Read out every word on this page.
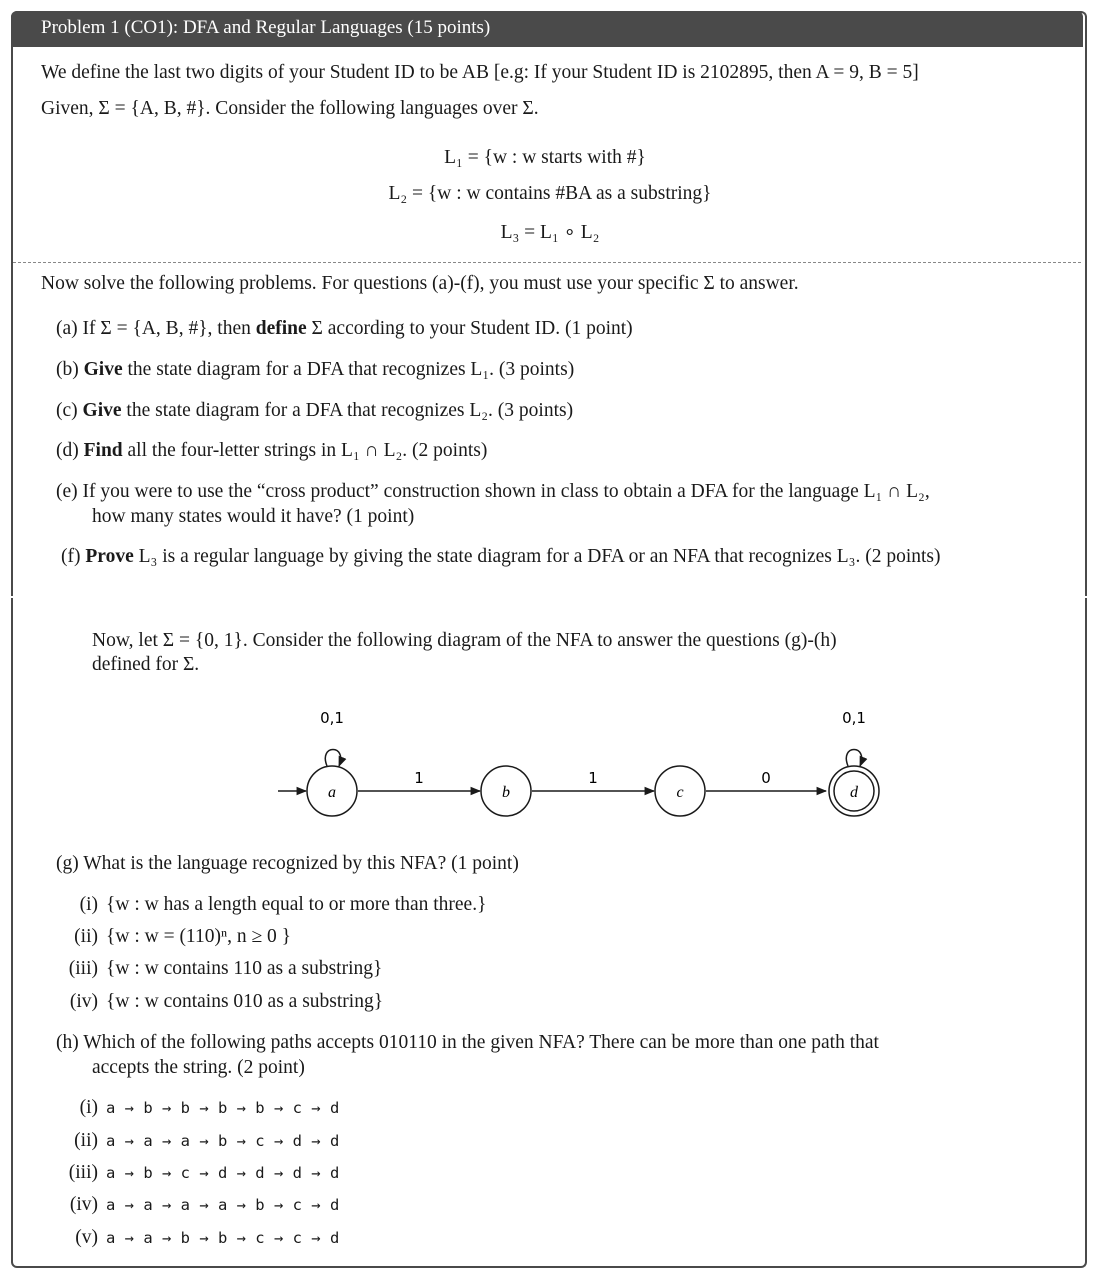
Problem 1 (CO1): DFA and Regular Languages (15 points)
We define the last two digits of your Student ID to be AB [e.g: If your Student ID is 2102895, then A = 9, B = 5]
Given, Σ = {A, B, #}. Consider the following languages over Σ.
L₁ = {w : w starts with #}
L₂ = {w : w contains #BA as a substring}
L₃ = L₁ ∘ L₂
Now solve the following problems. For questions (a)-(f), you must use your specific Σ to answer.
(a) If Σ = {A, B, #}, then define Σ according to your Student ID. (1 point)
(b) Give the state diagram for a DFA that recognizes L₁. (3 points)
(c) Give the state diagram for a DFA that recognizes L₂. (3 points)
(d) Find all the four-letter strings in L₁ ∩ L₂. (2 points)
(e) If you were to use the “cross product” construction shown in class to obtain a DFA for the language L₁ ∩ L₂,
how many states would it have? (1 point)
(f) Prove L₃ is a regular language by giving the state diagram for a DFA or an NFA that recognizes L₃. (2 points)
Now, let Σ = {0, 1}. Consider the following diagram of the NFA to answer the questions (g)-(h)
defined for Σ.
a	b	c	d
0,1	0,1
1	1	0
(g) What is the language recognized by this NFA? (1 point)
(i) {w : w has a length equal to or more than three.}
(ii) {w : w = (110)ⁿ, n ≥ 0 }
(iii) {w : w contains 110 as a substring}
(iv) {w : w contains 010 as a substring}
(h) Which of the following paths accepts 010110 in the given NFA? There can be more than one path that
accepts the string. (2 point)
(i) a → b → b → b → b → c → d
(ii) a → a → a → b → c → d → d
(iii) a → b → c → d → d → d → d
(iv) a → a → a → a → b → c → d
(v) a → a → b → b → c → c → d
